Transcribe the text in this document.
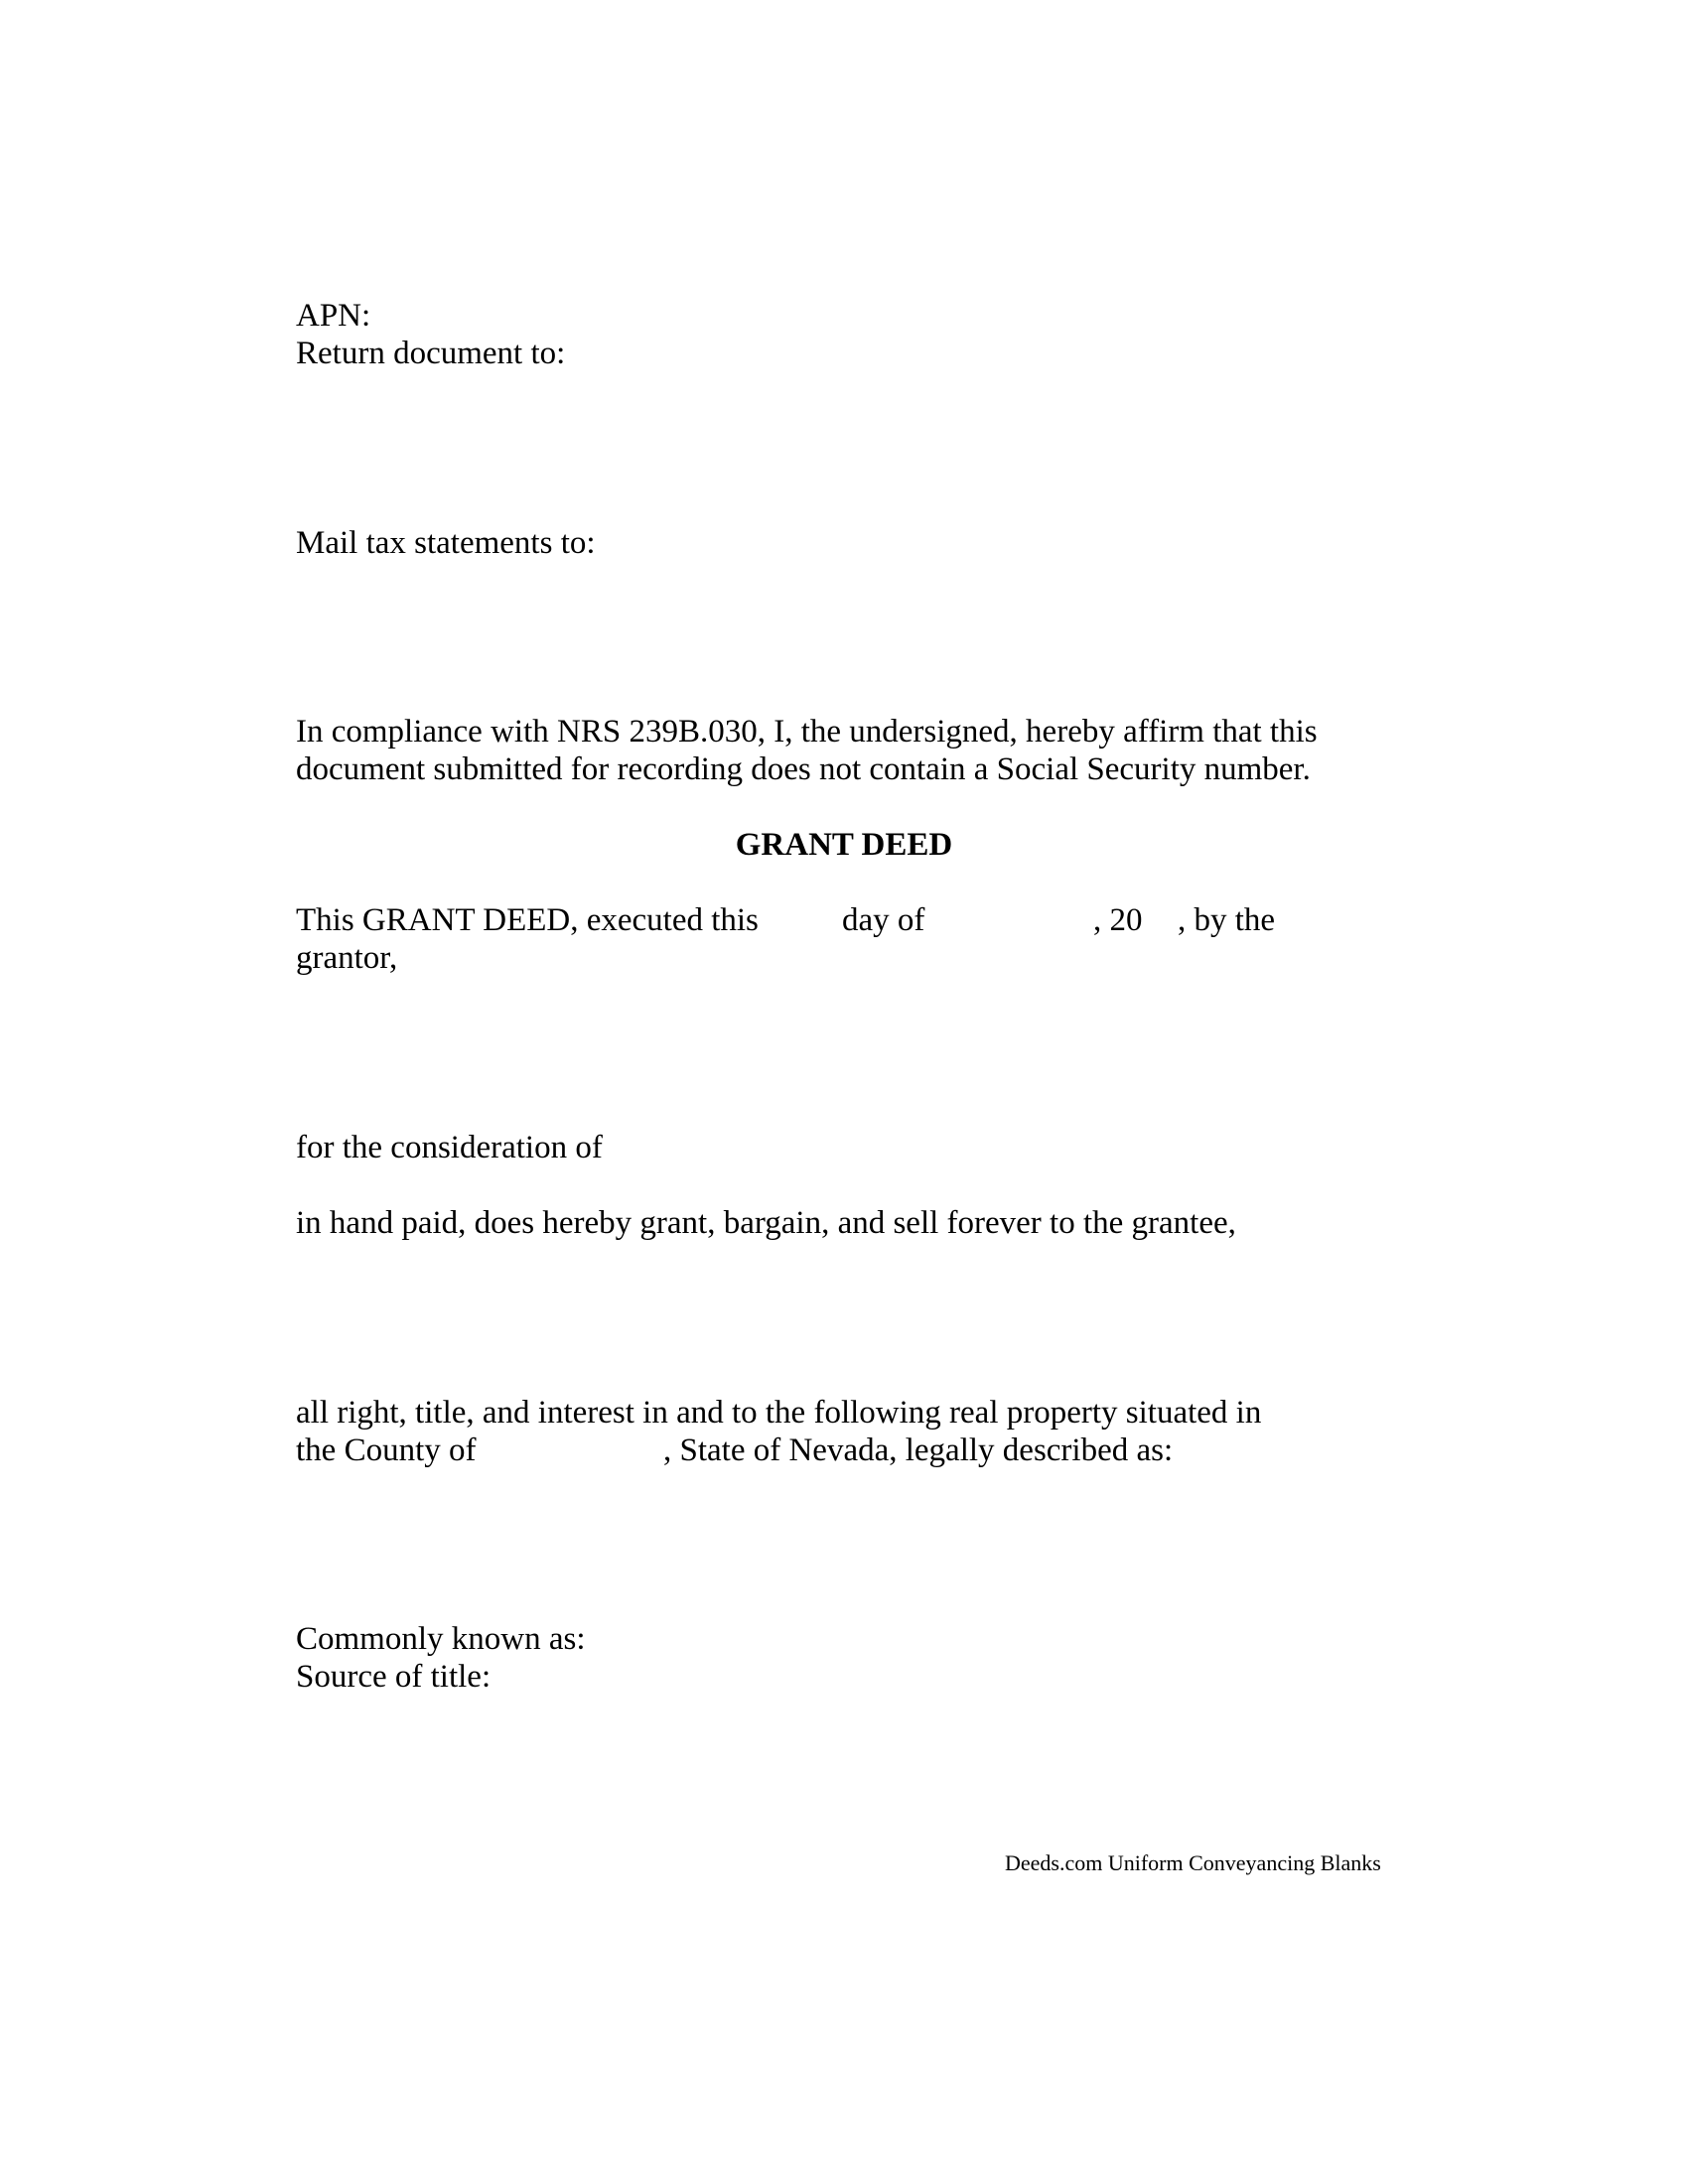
APN:
Return document to:
Mail tax statements to:
In compliance with NRS 239B.030, I, the undersigned, hereby affirm that this
document submitted for recording does not contain a Social Security number.
GRANT DEED
This GRANT DEED, executed this	day of	, 20 , by the
grantor,
for the consideration of
in hand paid, does hereby grant, bargain, and sell forever to the grantee,
all right, title, and interest in and to the following real property situated in
the County of	, State of Nevada, legally described as:
Commonly known as:
Source of title:
Deeds.com Uniform Conveyancing Blanks
